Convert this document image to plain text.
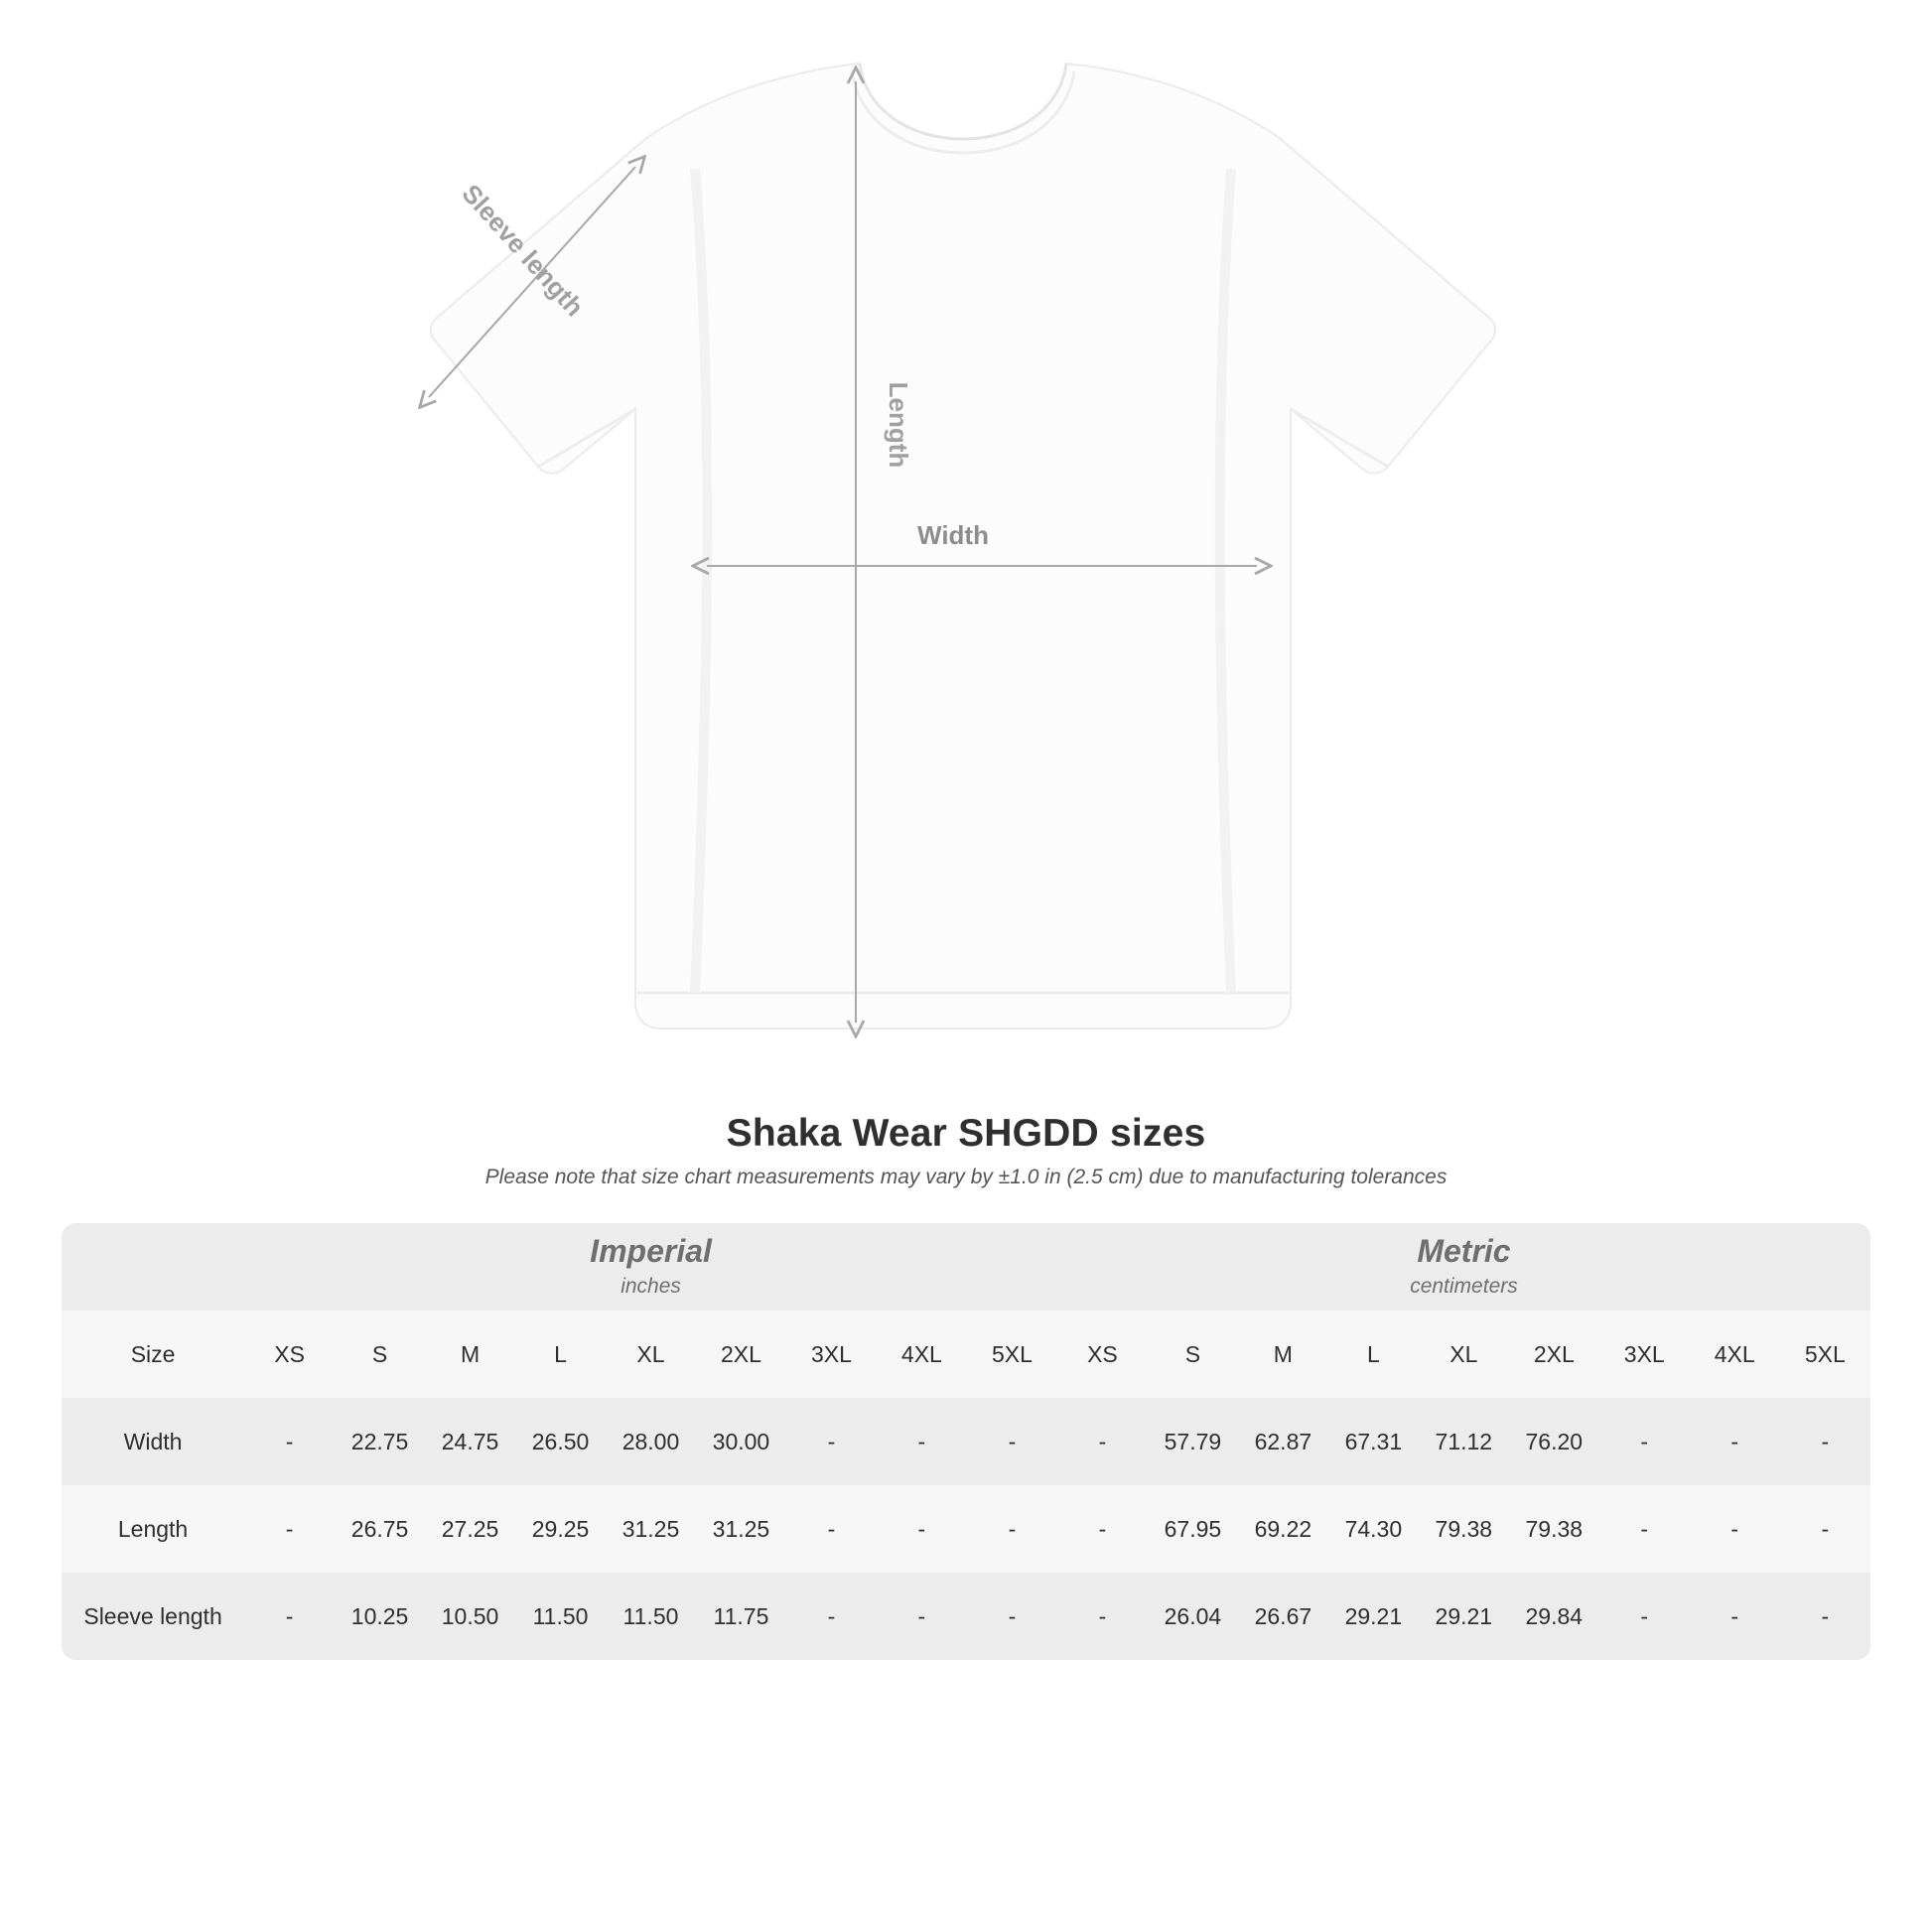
Length
Width
Sleeve length
Shaka Wear SHGDD sizes
Please note that size chart measurements may vary by ±1.0 in (2.5 cm) due to manufacturing tolerances

Imperial
inches

Metric
centimeters

Size	XS	S	M	L	XL	2XL	3XL	4XL	5XL	XS	S	M	L	XL	2XL	3XL	4XL	5XL
Width	-	22.75	24.75	26.50	28.00	30.00	-	-	-	-	57.79	62.87	67.31	71.12	76.20	-	-	-
Length	-	26.75	27.25	29.25	31.25	31.25	-	-	-	-	67.95	69.22	74.30	79.38	79.38	-	-	-
Sleeve length	-	10.25	10.50	11.50	11.50	11.75	-	-	-	-	26.04	26.67	29.21	29.21	29.84	-	-	-
